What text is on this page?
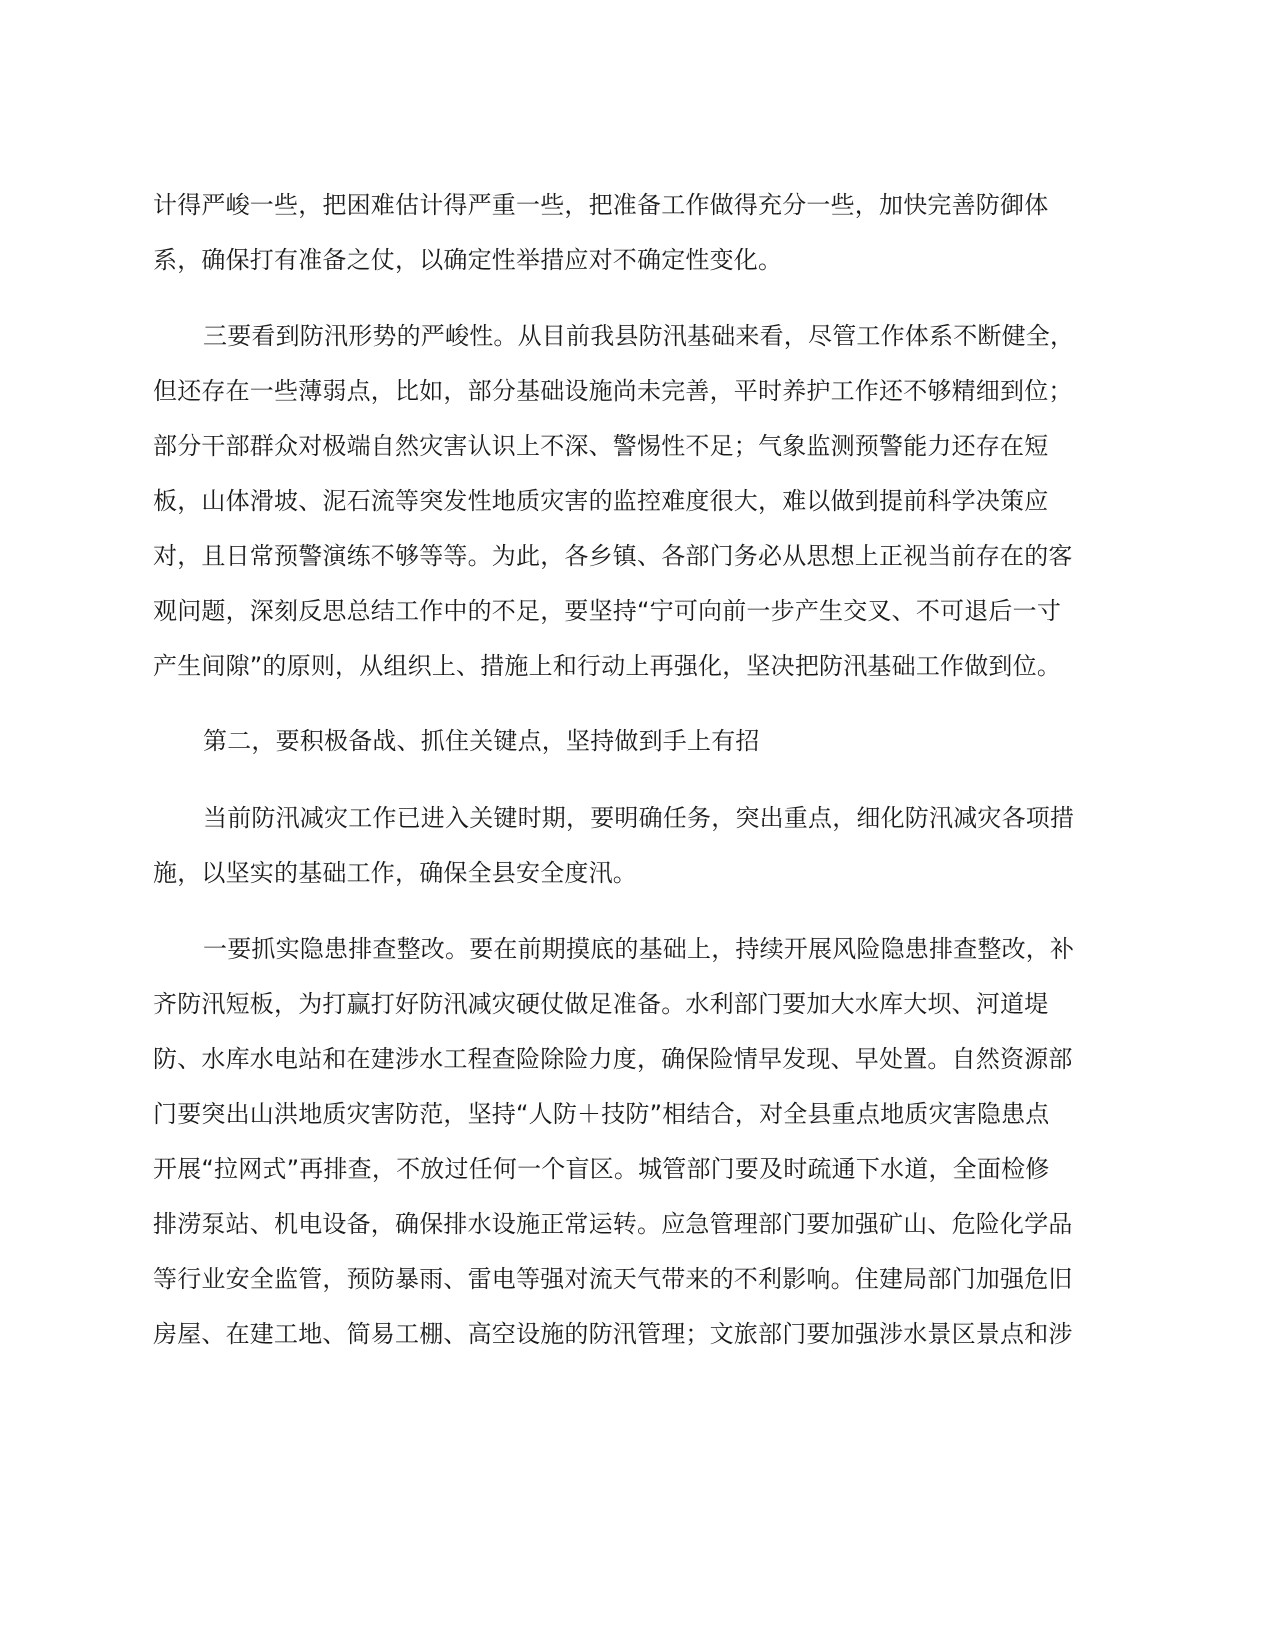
计得严峻一些，把困难估计得严重一些，把准备工作做得充分一些，加快完善防御体

系，确保打有准备之仗，以确定性举措应对不确定性变化。

三要看到防汛形势的严峻性。从目前我县防汛基础来看，尽管工作体系不断健全，

但还存在一些薄弱点，比如，部分基础设施尚未完善，平时养护工作还不够精细到位；

部分干部群众对极端自然灾害认识上不深、警惕性不足；气象监测预警能力还存在短

板，山体滑坡、泥石流等突发性地质灾害的监控难度很大，难以做到提前科学决策应

对，且日常预警演练不够等等。为此，各乡镇、各部门务必从思想上正视当前存在的客

观问题，深刻反思总结工作中的不足，要坚持“宁可向前一步产生交叉、不可退后一寸

产生间隙”的原则，从组织上、措施上和行动上再强化，坚决把防汛基础工作做到位。

第二，要积极备战、抓住关键点，坚持做到手上有招

当前防汛减灾工作已进入关键时期，要明确任务，突出重点，细化防汛减灾各项措

施，以坚实的基础工作，确保全县安全度汛。

一要抓实隐患排查整改。要在前期摸底的基础上，持续开展风险隐患排查整改，补

齐防汛短板，为打赢打好防汛减灾硬仗做足准备。水利部门要加大水库大坝、河道堤

防、水库水电站和在建涉水工程查险除险力度，确保险情早发现、早处置。自然资源部

门要突出山洪地质灾害防范，坚持“人防＋技防”相结合，对全县重点地质灾害隐患点

开展“拉网式”再排查，不放过任何一个盲区。城管部门要及时疏通下水道，全面检修

排涝泵站、机电设备，确保排水设施正常运转。应急管理部门要加强矿山、危险化学品

等行业安全监管，预防暴雨、雷电等强对流天气带来的不利影响。住建局部门加强危旧

房屋、在建工地、简易工棚、高空设施的防汛管理；文旅部门要加强涉水景区景点和涉
